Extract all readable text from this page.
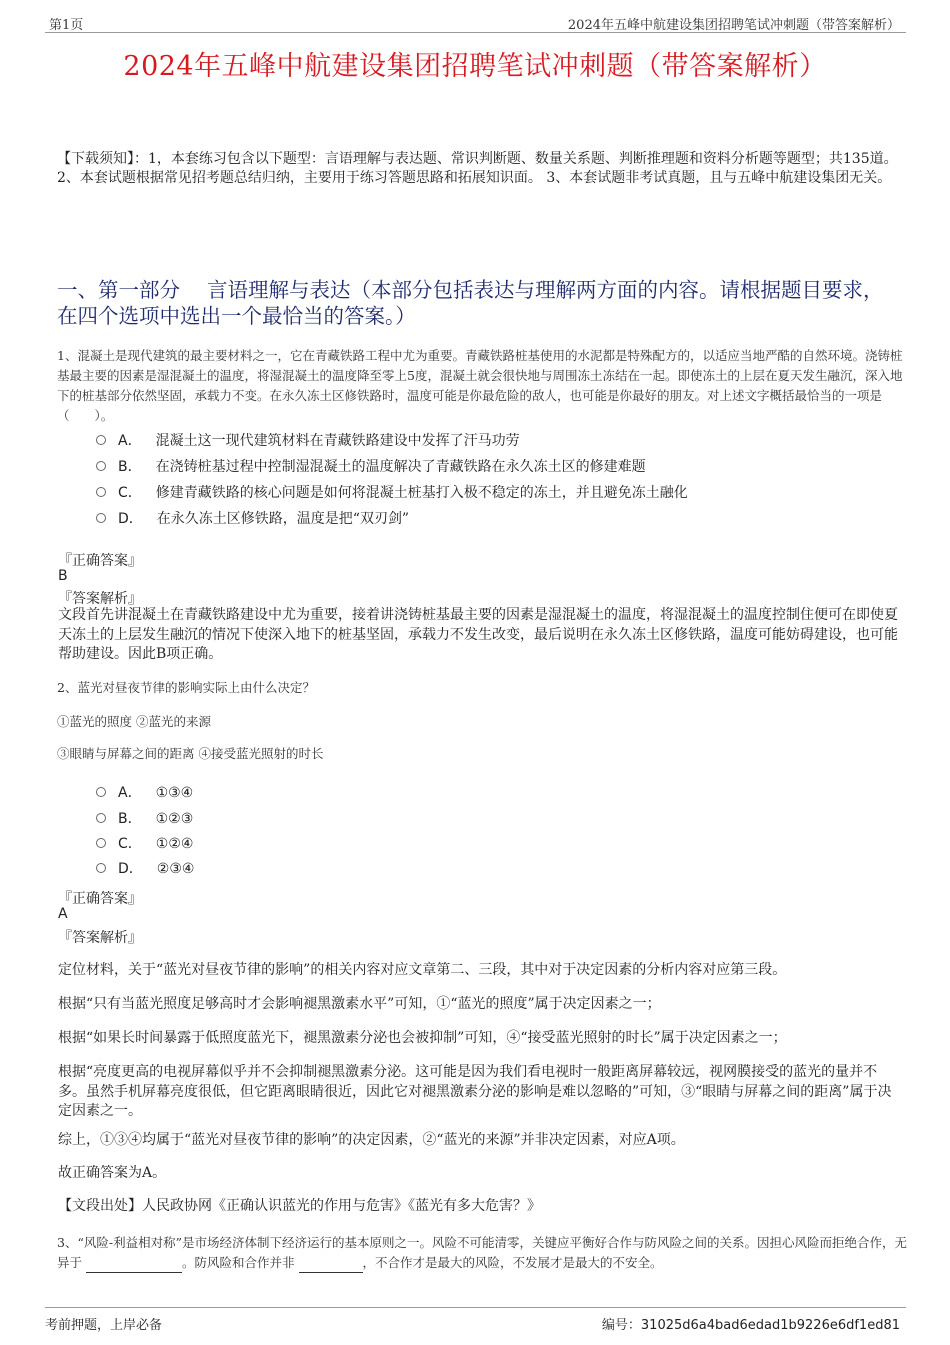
第1页	2024年五峰中航建设集团招聘笔试冲刺题（带答案解析）
2024年五峰中航建设集团招聘笔试冲刺题（带答案解析）
【下载须知】：1，本套练习包含以下题型：言语理解与表达题、常识判断题、数量关系题、判断推理题和资料分析题等题型；共135道。 2、本套试题根据常见招考题总结归纳，主要用于练习答题思路和拓展知识面。 3、本套试题非考试真题，且与五峰中航建设集团无关。
一、第一部分　 言语理解与表达（本部分包括表达与理解两方面的内容。请根据题目要求，在四个选项中选出一个最恰当的答案。）
1、混凝土是现代建筑的最主要材料之一，它在青藏铁路工程中尤为重要。青藏铁路桩基使用的水泥都是特殊配方的，以适应当地严酷的自然环境。浇铸桩基最主要的因素是湿混凝土的温度，将湿混凝土的温度降至零上5度，混凝土就会很快地与周围冻土冻结在一起。即使冻土的上层在夏天发生融沉，深入地下的桩基部分依然坚固，承载力不变。在永久冻土区修铁路时，温度可能是你最危险的敌人，也可能是你最好的朋友。对上述文字概括最恰当的一项是（　　）。
A． 混凝土这一现代建筑材料在青藏铁路建设中发挥了汗马功劳
B． 在浇铸桩基过程中控制湿混凝土的温度解决了青藏铁路在永久冻土区的修建难题
C． 修建青藏铁路的核心问题是如何将混凝土桩基打入极不稳定的冻土，并且避免冻土融化
D． 在永久冻土区修铁路，温度是把“双刃剑”
『正确答案』
B
『答案解析』
文段首先讲混凝土在青藏铁路建设中尤为重要，接着讲浇铸桩基最主要的因素是湿混凝土的温度，将湿混凝土的温度控制住便可在即使夏天冻土的上层发生融沉的情况下使深入地下的桩基坚固，承载力不发生改变，最后说明在永久冻土区修铁路，温度可能妨碍建设，也可能帮助建设。因此B项正确。
2、蓝光对昼夜节律的影响实际上由什么决定？
①蓝光的照度 ②蓝光的来源
③眼睛与屏幕之间的距离 ④接受蓝光照射的时长
A． ①③④
B． ①②③
C． ①②④
D． ②③④
『正确答案』
A
『答案解析』
定位材料，关于“蓝光对昼夜节律的影响”的相关内容对应文章第二、三段，其中对于决定因素的分析内容对应第三段。
根据“只有当蓝光照度足够高时才会影响褪黑激素水平”可知，①“蓝光的照度”属于决定因素之一；
根据“如果长时间暴露于低照度蓝光下，褪黑激素分泌也会被抑制”可知，④“接受蓝光照射的时长”属于决定因素之一；
根据“亮度更高的电视屏幕似乎并不会抑制褪黑激素分泌。这可能是因为我们看电视时一般距离屏幕较远，视网膜接受的蓝光的量并不多。虽然手机屏幕亮度很低，但它距离眼睛很近，因此它对褪黑激素分泌的影响是难以忽略的”可知，③“眼睛与屏幕之间的距离”属于决定因素之一。
综上，①③④均属于“蓝光对昼夜节律的影响”的决定因素，②“蓝光的来源”并非决定因素，对应A项。
故正确答案为A。
【文段出处】人民政协网《正确认识蓝光的作用与危害》《蓝光有多大危害？》
3、“风险-利益相对称”是市场经济体制下经济运行的基本原则之一。风险不可能清零，关键应平衡好合作与防风险之间的关系。因担心风险而拒绝合作，无异于	。防风险和合作并非	，不合作才是最大的风险，不发展才是最大的不安全。
考前押题，上岸必备	编号：31025d6a4bad6edad1b9226e6df1ed81
